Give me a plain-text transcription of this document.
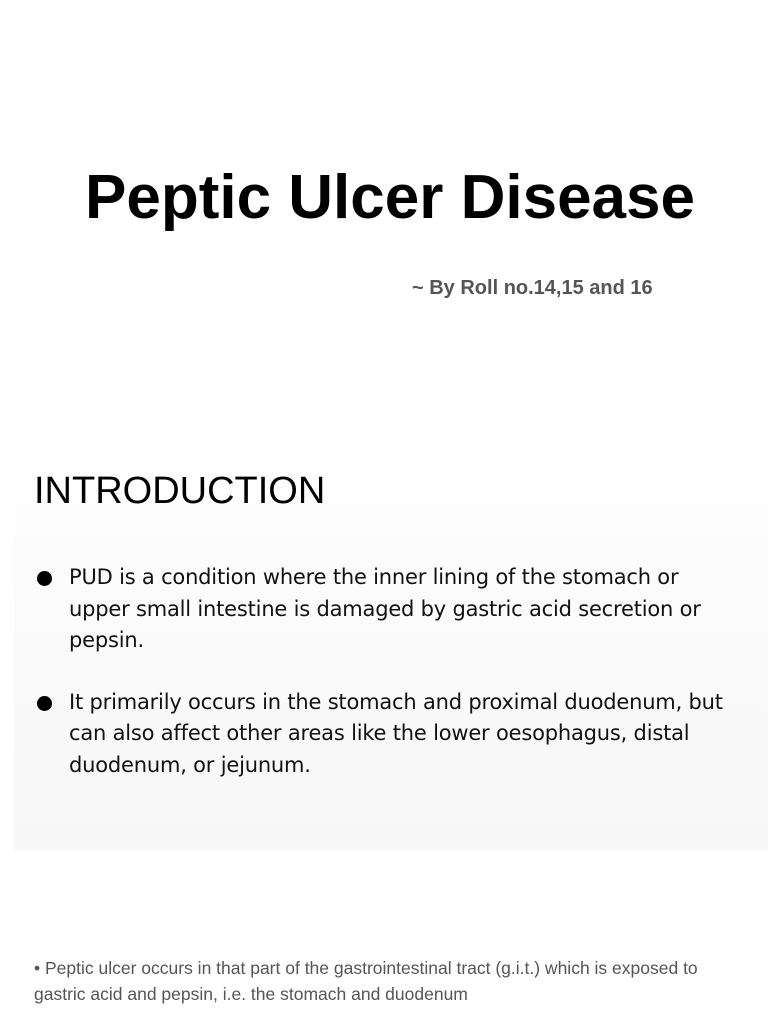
Peptic Ulcer Disease
~ By Roll no.14,15 and 16
INTRODUCTION
PUD is a condition where the inner lining of the stomach or upper small intestine is damaged by gastric acid secretion or pepsin.
It primarily occurs in the stomach and proximal duodenum, but can also affect other areas like the lower oesophagus, distal duodenum, or jejunum.
• Peptic ulcer occurs in that part of the gastrointestinal tract (g.i.t.) which is exposed to gastric acid and pepsin, i.e. the stomach and duodenum
